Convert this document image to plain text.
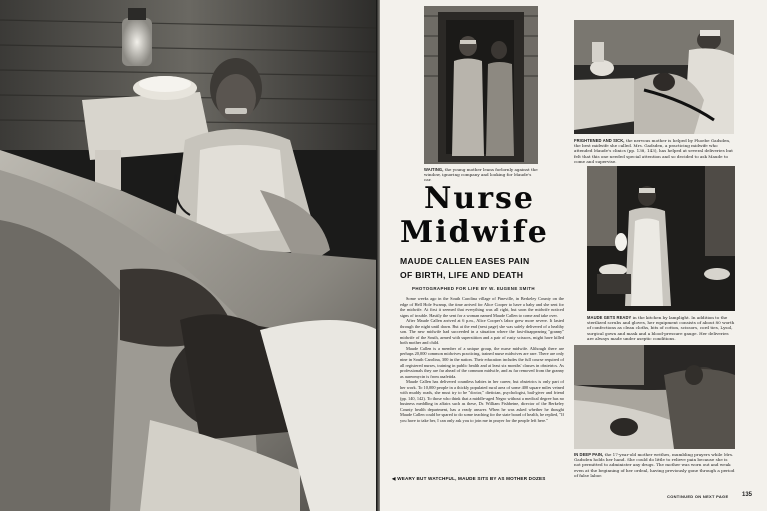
WAITING, the young mother leans forlornly against the window, ignoring company and looking for Maude's car.
FRIGHTENED AND SICK, the nervous mother is helped by Phoebe Gadsden, the best midwife she called. Mrs. Gadsden, a practicing midwife who attended Maude's clinics (pp. 138, 143), has helped at several deliveries but felt that this one needed special attention and so decided to ask Maude to come and supervise.
Nurse
Midwife
MAUDE CALLEN EASES PAIN
OF BIRTH, LIFE AND DEATH
PHOTOGRAPHED FOR LIFE BY W. EUGENE SMITH

Some weeks ago in the South Carolina village of Pineville, in Berkeley County on the edge of Hell Hole Swamp, the time arrived for Alice Cooper to have a baby and she sent for the midwife. At first it seemed that everything was all right, but soon the midwife noticed signs of trouble. Hastily the sent for a woman named Maude Callen to come and take over.

After Maude Callen arrived at 6 p.m., Alice Cooper's labor grew more severe. It lasted through the night until dawn. But at the end (next page) she was safely delivered of a healthy son. The new midwife had succeeded in a situation where the fast-disappearing "granny" midwife of the South, armed with superstition and a pair of rusty scissors, might have killed both mother and child.

Maude Callen is a member of a unique group, the nurse midwife. Although there are perhaps 20,000 common midwives practicing, trained nurse midwives are rare. There are only nine in South Carolina, 300 in the nation. Their education includes the full course required of all registered nurses, training in public health and at least six months' classes in obstetrics. As professionals they are far ahead of the common midwife, and as far removed from the granny as aureomycin is from asafetida.

Maude Callen has delivered countless babies in her career, but obstetrics is only part of her work. To 10,000 people in a thickly populated rural area of some 400 square miles veined with muddy roads, she must try to be "doctor," dietician, psychologist, bail-giver and friend (pp. 140, 142). To those who think that a middle-aged Negro without a medical degree has no business meddling in affairs such as these, Dr. William Fishbeine, director of the Berkeley County health department, has a ready answer. When he was asked whether he thought Maude Callen could be spared to do some teaching for the state board of health, he replied, "If you have to take her, I can only ask you to join me in prayer for the people left here."

◀ WEARY BUT WATCHFUL, MAUDE SITS BY AS MOTHER DOZES
MAUDE GETS READY in the kitchen by lamplight. In addition to the sterilized scrubs and gloves, her equipment consists of about 80 worth of confections as clean cloths, bits of cotton, scissors, cord ties, Lysol, surgical gown and mask and a blood-pressure gauge. Her deliveries are always made under aseptic conditions.
IN DEEP PAIN, the 17-year-old mother writhes, mumbling prayers while Mrs. Gadsden holds her hand. She could do little to relieve pain because she is not permitted to administer any drugs. The mother was worn out and weak even at the beginning of her ordeal, having previously gone through a period of false labor.
CONTINUED ON NEXT PAGE 135
